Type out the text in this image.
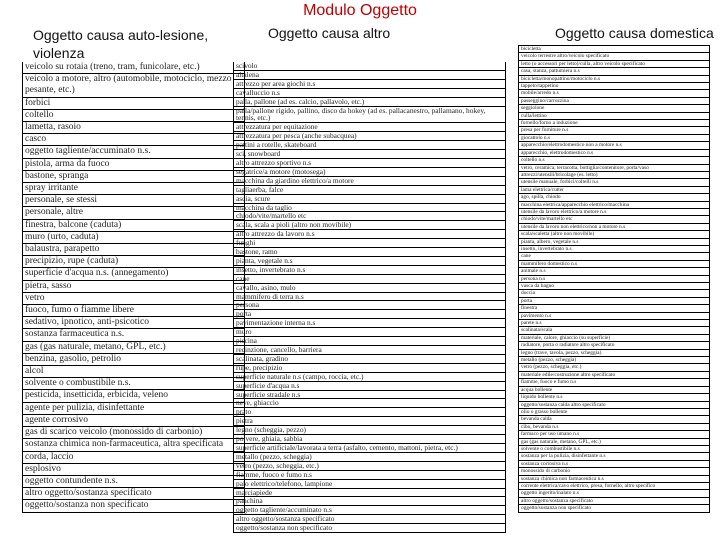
Modulo Oggetto
Oggetto causa auto-lesione, violenza
Oggetto causa altro	Oggetto causa domestica
veicolo su rotaia (treno, tram, funicolare, etc.)
veicolo a motore, altro (automobile, motociclo, mezzo pesante, etc.)
forbici
coltello
lametta, rasoio
casco
oggetto tagliente/accuminato n.s.
pistola, arma da fuoco
bastone, spranga
spray irritante
personale, se stessi
personale, altre
finestra, balcone (caduta)
muro (urto, caduta)
balaustra, parapetto
precipizio, rupe (caduta)
superficie d'acqua n.s. (annegamento)
pietra, sasso
vetro
fuoco, fumo o fiamme libere
sedativo, ipnotico, anti-psicotico
sostanza farmaceutica n.s.
gas (gas naturale, metano, GPL, etc.)
benzina, gasolio, petrolio
alcol
solvente o combustibile n.s.
pesticida, insetticida, erbicida, veleno
agente per pulizia, disinfettante
agente corrosivo
gas di scarico veicolo (monossido di carbonio)
sostanza chimica non-farmaceutica, altra specificata
corda, laccio
esplosivo
oggetto contundente n.s.
altro oggetto/sostanza specificato
oggetto/sostanza non specificato
scivolo
altalena
attrezzo per area giochi n.s
cavalluccio n.s
palla, pallone (ad es. calcio, pallavolo, etc.)
palla/pallone rigido, pallino, disco da hokey (ad es. pallacanestro, pallamano, hokey, tennis, etc.)
attrezzatura per equitazione
attrezzatura per pesca (anche subacquea)
pattini a rotelle, skateboard
sci, snowboard
altro attrezzo sportivo n.s
segatrice/a motore (motosega)
macchina da giardino elettrico/a motore
tagliaerba, falce
ascia, scure
macchina da taglio
chiodo/vite/martello etc
scala, scala a pioli (altro non movibile)
altro attrezzo da lavoro n.s
funghi
bastone, ramo
pianta, vegetale n.s
insetto, invertebrato n.s
cane
cavallo, asino, mulo
mammifero di terra n.s
persona
porta
pavimentazione interna n.s
muro
piscina
recinzione, cancello, barriera
scalinata, gradino
rupe, precipizio
superficie naturale n.s (campo, roccia, etc.)
superficie d'acqua n.s
superficie stradale n.s
neve, ghiaccio
prato
pietra
legno (scheggia, pezzo)
polvere, ghiaia, sabbia
superficie artificiale/lavorata a terra (asfalto, cemento, mattoni, pietra, etc.)
metallo (pezzo, scheggia)
vetro (pezzo, scheggia, etc.)
fiamme, fuoco e fumo n.s
palo elettrico/telefono, lampione
marciapiede
panchina
oggetto tagliente/accuminato n.s
altro oggetto/sostanza specificato
oggetto/sostanza non specificato
bicicletta
veicolo terrestre altro/veicolo specificato
letto (o accessori per letto)/culla, altro veicolo specificato
casa, stanza, pattumiera n.s
bicicletta/monopattino/motociclo n.s
tappeto/tappetino
mobile/arredo n.s
passeggino/carrozzina
seggiolone
culla/lettino
fornello/forno a induzione
presa per forniture n.s
giocattolo n.s
apparecchio/elettrodomestico non a motore n.s
apparecchio, elettrodomestico n.s
coltello n.s
vetro, ceramica, terracotta, bottiglia/contenitore, porta/vaso
attrezzi/utensili/bricolage (es. letto)
utensile manuale, forbici/coltelli n.s
lama elettrica/cutter
ago, spilla, chiodo
macchina elettrica/apparecchio elettrico/macchina
utensile da lavoro elettrico/a motore n.s
chiodo/vite/martello etc
utensile da lavoro non elettrico/non a motore n.s
scala/scaletta (altro non movibile)
pianta, albero, vegetale n.s
insetto, invertebrato n.s
cane
mammifero domestico n.s
animale n.s
persona n.s
vasca da bagno
doccia
porta
finestra
pavimento n.s
parete n.s
scalinata/scala
materiale, calore, ghiaccio (su superficie)
radiatore, porta o radiatore altro specificato
legno (trave, tavola, pezzo, scheggia)
metallo (pezzo, scheggia)
vetro (pezzo, scheggia, etc.)
materiale edile/costruzione altro specificato
fiamme, fuoco e fumo n.s
acqua bollente
liquido bollente n.s
oggetto/sostanza calda altro specificato
olio o grasso bollente
bevanda calda
cibo, bevanda n.s
farmaco per uso umano n.s
gas (gas naturale, metano, GPL, etc.)
solvente o combustibile n.s
sostanza per la pulizia, disinfettante n.s
sostanza corrosiva n.s
monossido di carbonio
sostanza chimica non farmaceutica n.s
corrente elettrica/cavo elettrico, presa, fornello, altro specifico
oggetto ingerito/inalato n.s
altro oggetto/sostanza specificato
oggetto/sostanza non specificato
